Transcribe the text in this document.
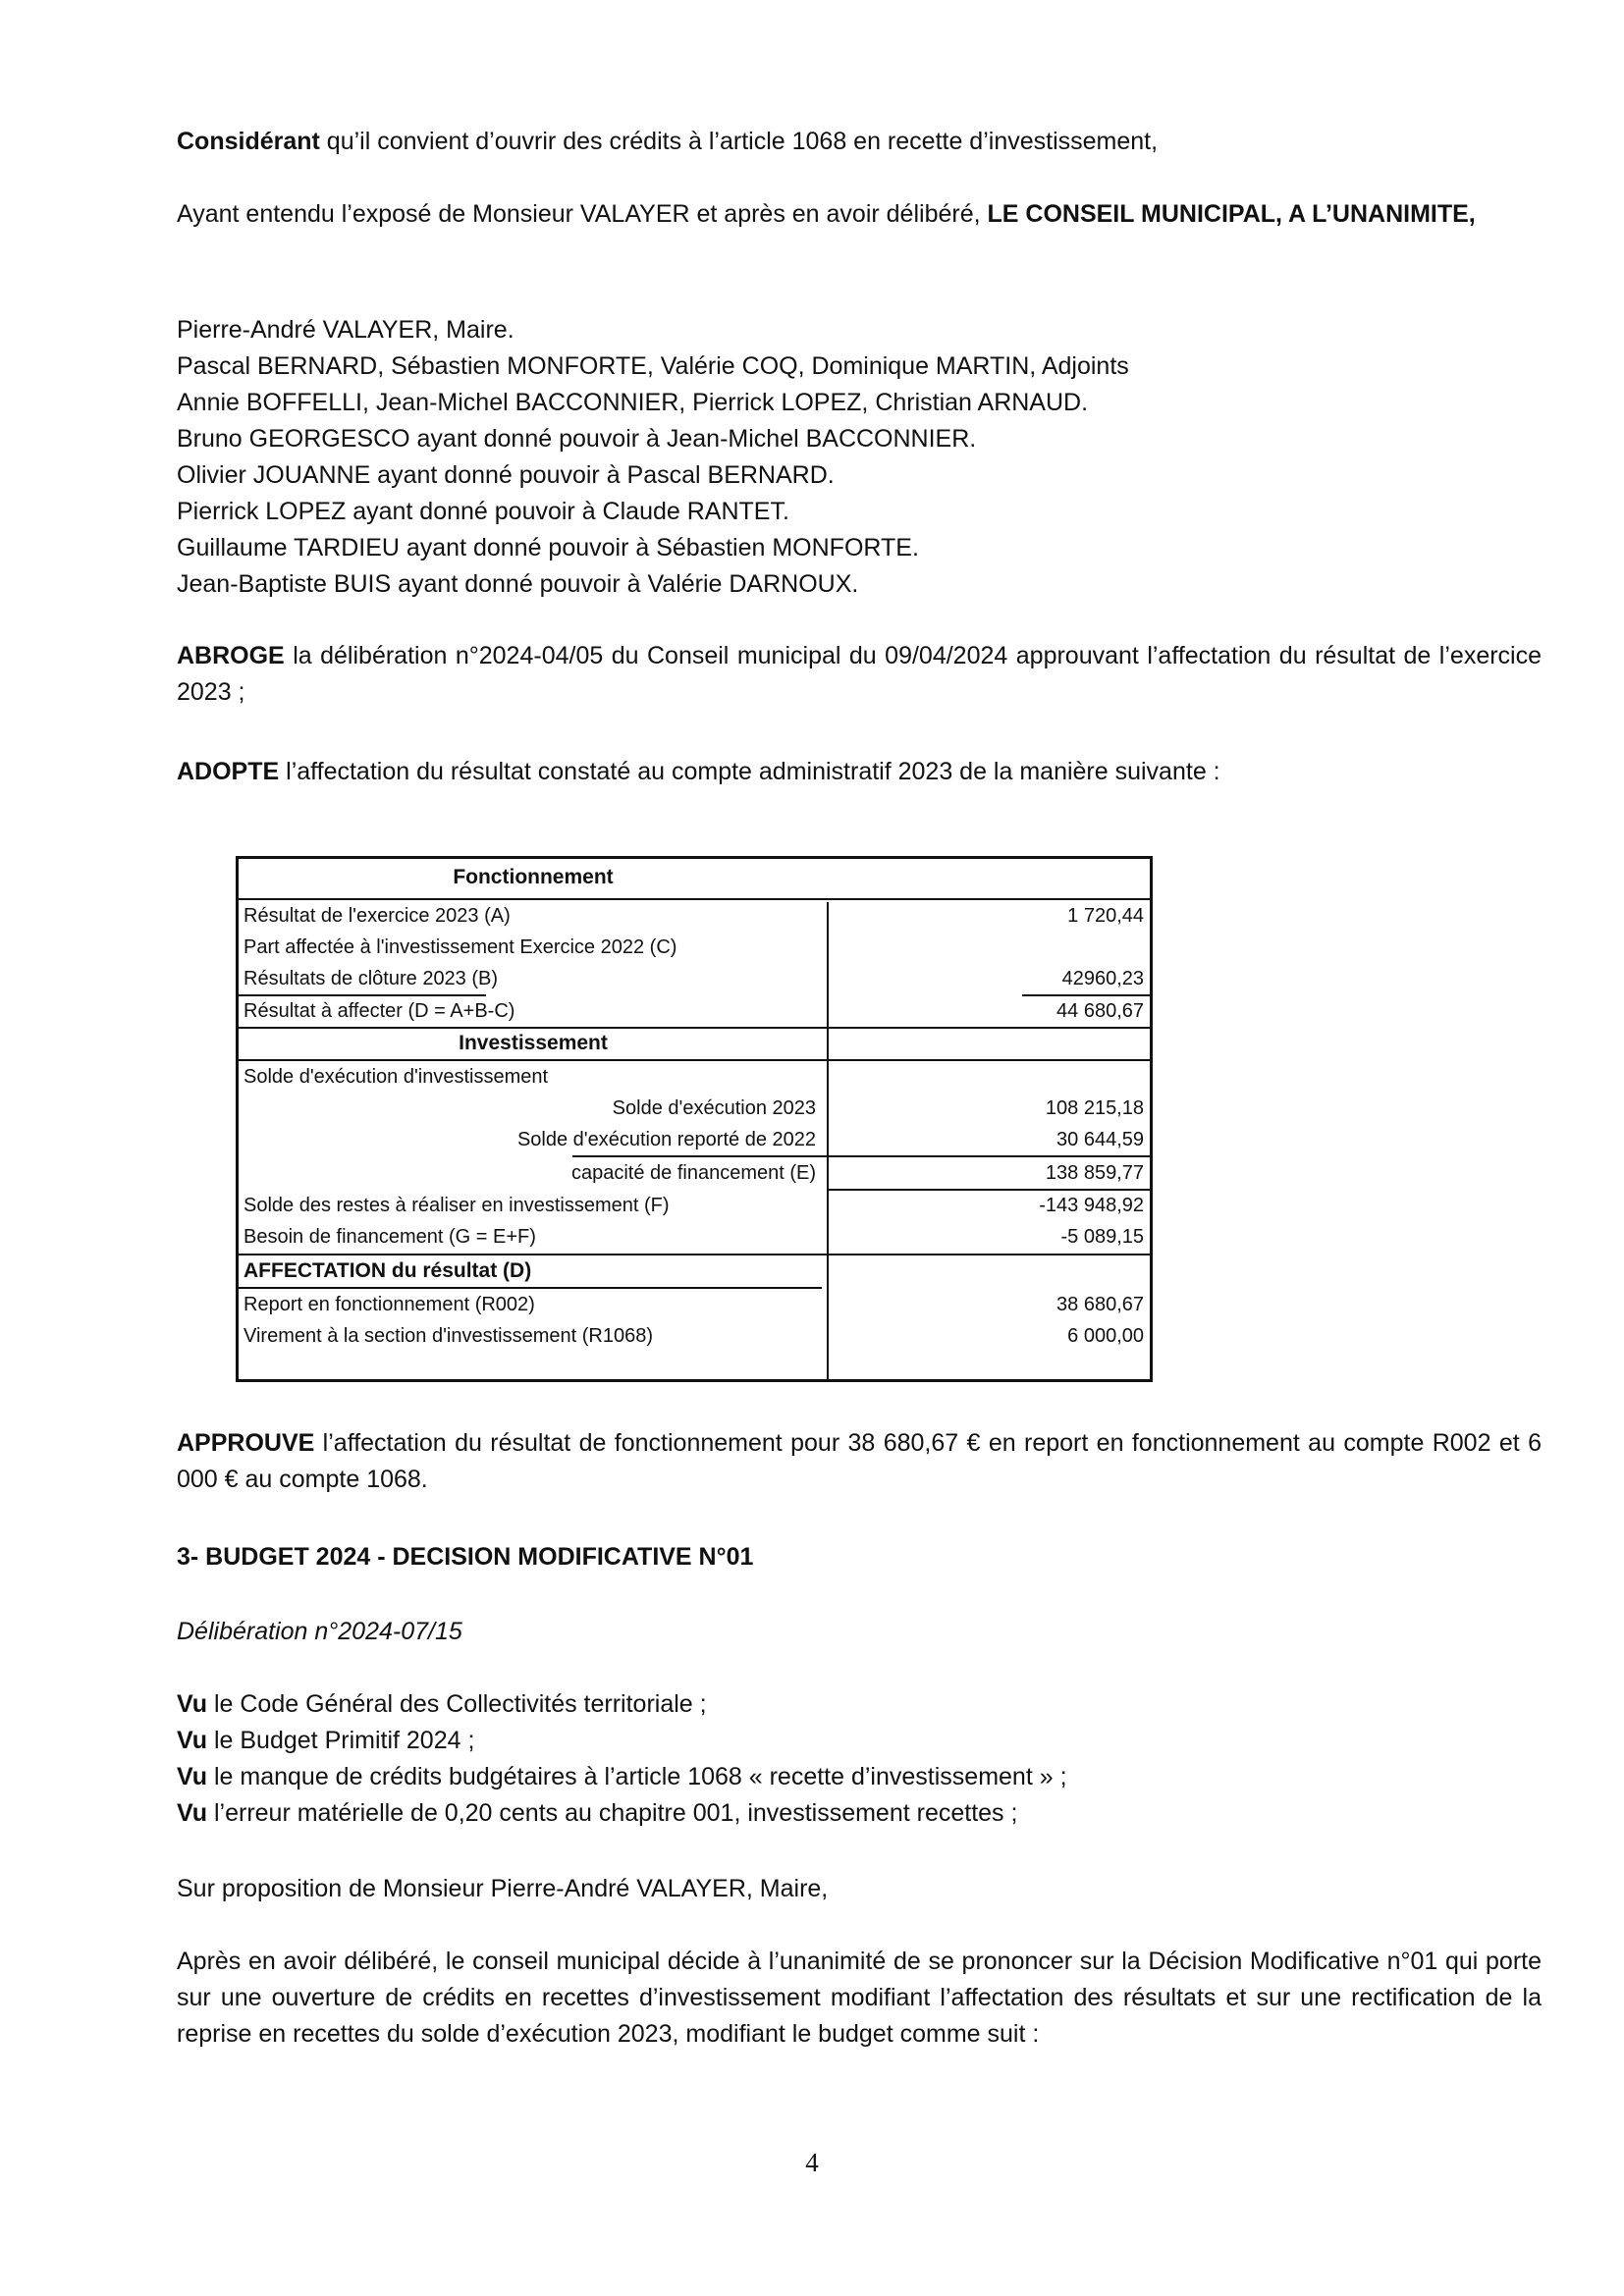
Considérant qu’il convient d’ouvrir des crédits à l’article 1068 en recette d’investissement,

Ayant entendu l’exposé de Monsieur VALAYER et après en avoir délibéré, LE CONSEIL MUNICIPAL, A L’UNANIMITE,

Pierre-André VALAYER, Maire.
Pascal BERNARD, Sébastien MONFORTE, Valérie COQ, Dominique MARTIN, Adjoints
Annie BOFFELLI, Jean-Michel BACCONNIER, Pierrick LOPEZ, Christian ARNAUD.
Bruno GEORGESCO ayant donné pouvoir à Jean-Michel BACCONNIER.
Olivier JOUANNE ayant donné pouvoir à Pascal BERNARD.
Pierrick LOPEZ ayant donné pouvoir à Claude RANTET.
Guillaume TARDIEU ayant donné pouvoir à Sébastien MONFORTE.
Jean-Baptiste BUIS ayant donné pouvoir à Valérie DARNOUX.

ABROGE la délibération n°2024-04/05 du Conseil municipal du 09/04/2024 approuvant l’affectation du résultat de l’exercice 2023 ;

ADOPTE l’affectation du résultat constaté au compte administratif 2023 de la manière suivante :

Fonctionnement
Résultat de l'exercice 2023 (A)	1 720,44
Part affectée à l'investissement Exercice 2022 (C)
Résultats de clôture 2023 (B)	42960,23
Résultat à affecter (D = A+B-C)	44 680,67
Investissement
Solde d'exécution d'investissement
Solde d'exécution 2023	108 215,18
Solde d'exécution reporté de 2022	30 644,59
capacité de financement (E)	138 859,77
Solde des restes à réaliser en investissement (F)	-143 948,92
Besoin de financement (G = E+F)	-5 089,15
AFFECTATION du résultat (D)
Report en fonctionnement (R002)	38 680,67
Virement à la section d'investissement (R1068)	6 000,00

APPROUVE l’affectation du résultat de fonctionnement pour 38 680,67 € en report en fonctionnement au compte R002 et 6 000 € au compte 1068.

3- BUDGET 2024 - DECISION MODIFICATIVE N°01

Délibération n°2024-07/15

Vu le Code Général des Collectivités territoriale ;
Vu le Budget Primitif 2024 ;
Vu le manque de crédits budgétaires à l’article 1068 « recette d’investissement » ;
Vu l’erreur matérielle de 0,20 cents au chapitre 001, investissement recettes ;

Sur proposition de Monsieur Pierre-André VALAYER, Maire,

Après en avoir délibéré, le conseil municipal décide à l’unanimité de se prononcer sur la Décision Modificative n°01 qui porte sur une ouverture de crédits en recettes d’investissement modifiant l’affectation des résultats et sur une rectification de la reprise en recettes du solde d’exécution 2023, modifiant le budget comme suit :

4
